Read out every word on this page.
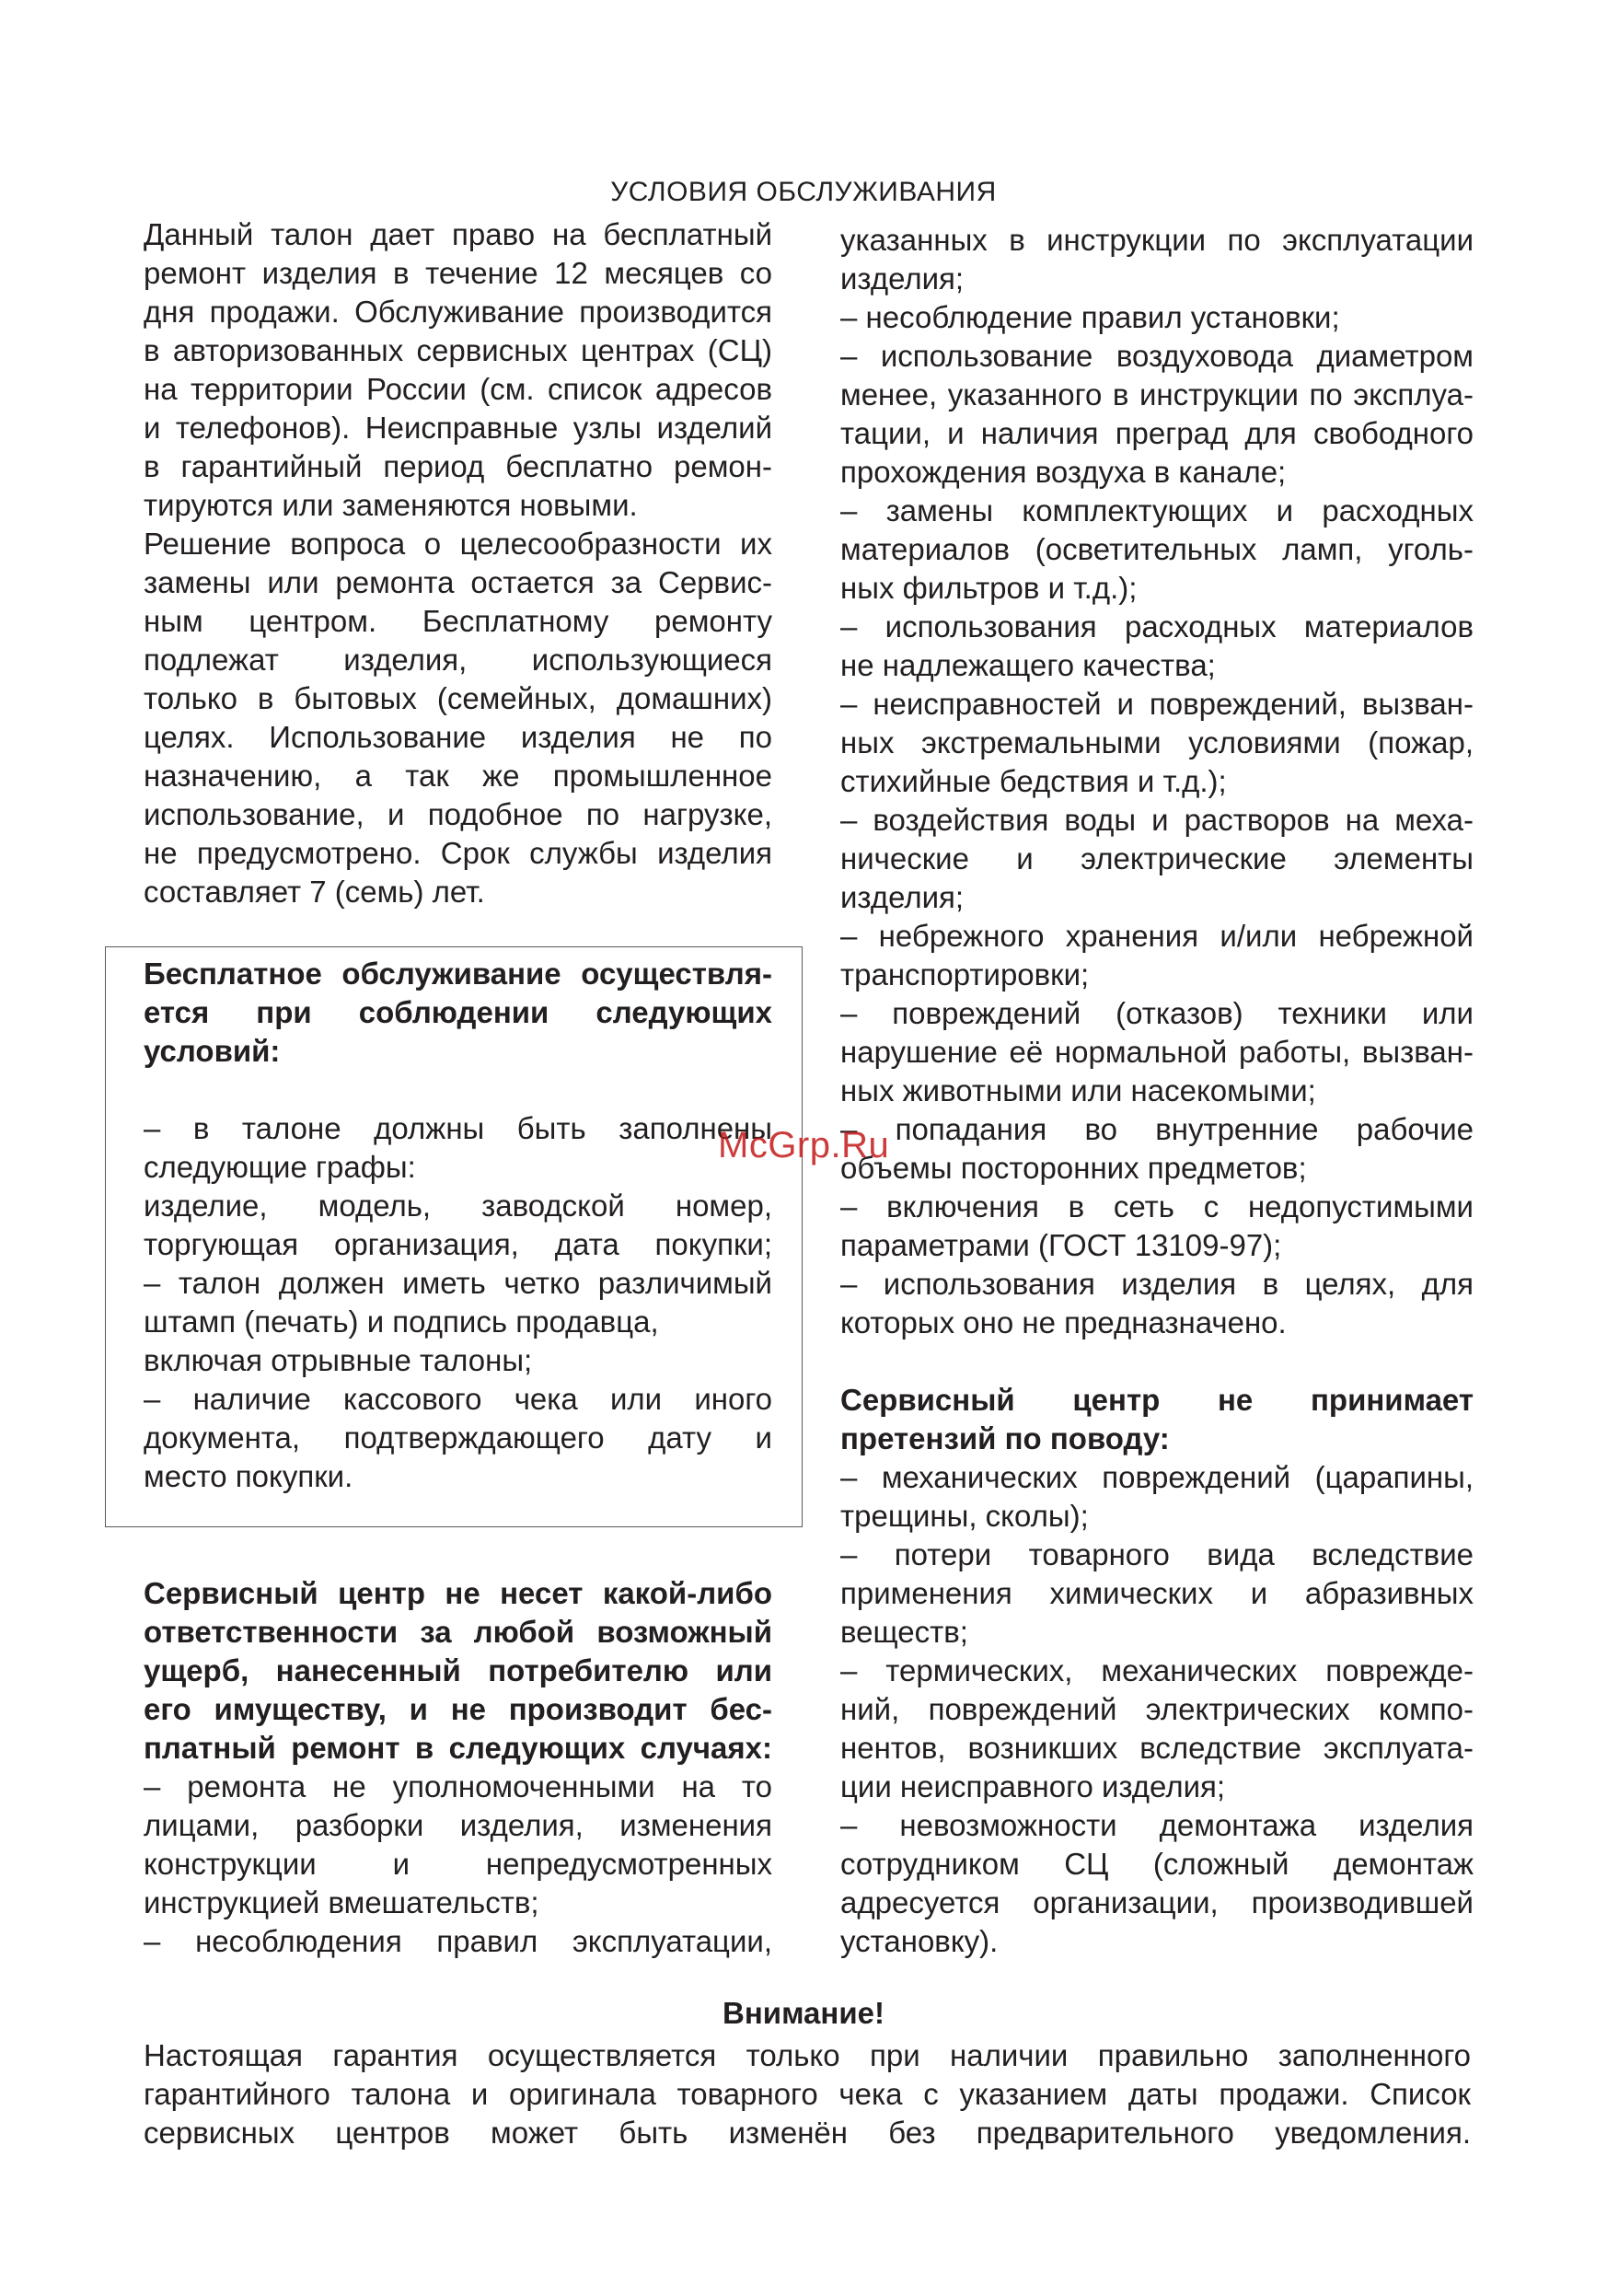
УСЛОВИЯ ОБСЛУЖИВАНИЯ
Данный талон дает право на бесплатный
ремонт изделия в течение 12 месяцев со
дня продажи. Обслуживание производится
в авторизованных сервисных центрах (СЦ)
на территории России (см. список адресов
и телефонов). Неисправные узлы изделий
в гарантийный период бесплатно ремон-
тируются или заменяются новыми.
Решение вопроса о целесообразности их
замены или ремонта остается за Сервис-
ным центром. Бесплатному ремонту
подлежат изделия, использующиеся
только в бытовых (семейных, домашних)
целях. Использование изделия не по
назначению, а так же промышленное
использование, и подобное по нагрузке,
не предусмотрено. Срок службы изделия
составляет 7 (семь) лет.
Бесплатное обслуживание осуществля-
ется при соблюдении следующих
условий:
– в талоне должны быть заполнены
следующие графы:
изделие, модель, заводской номер,
торгующая организация, дата покупки;
– талон должен иметь четко различимый
штамп (печать) и подпись продавца,
включая отрывные талоны;
– наличие кассового чека или иного
документа, подтверждающего дату и
место покупки.
Сервисный центр не несет какой-либо
ответственности за любой возможный
ущерб, нанесенный потребителю или
его имуществу, и не производит бес-
платный ремонт в следующих случаях:
– ремонта не уполномоченными на то
лицами, разборки изделия, изменения
конструкции и непредусмотренных
инструкцией вмешательств;
– несоблюдения правил эксплуатации,
указанных в инструкции по эксплуатации
изделия;
– несоблюдение правил установки;
– использование воздуховода диаметром
менее, указанного в инструкции по эксплуа-
тации, и наличия преград для свободного
прохождения воздуха в канале;
– замены комплектующих и расходных
материалов (осветительных ламп, уголь-
ных фильтров и т.д.);
– использования расходных материалов
не надлежащего качества;
– неисправностей и повреждений, вызван-
ных экстремальными условиями (пожар,
стихийные бедствия и т.д.);
– воздействия воды и растворов на меха-
нические и электрические элементы
изделия;
– небрежного хранения и/или небрежной
транспортировки;
– повреждений (отказов) техники или
нарушение её нормальной работы, вызван-
ных животными или насекомыми;
– попадания во внутренние рабочие
объемы посторонних предметов;
– включения в сеть с недопустимыми
параметрами (ГОСТ 13109-97);
– использования изделия в целях, для
которых оно не предназначено.
Сервисный центр не принимает
претензий по поводу:
– механических повреждений (царапины,
трещины, сколы);
– потери товарного вида вследствие
применения химических и абразивных
веществ;
– термических, механических поврежде-
ний, повреждений электрических компо-
нентов, возникших вследствие эксплуата-
ции неисправного изделия;
– невозможности демонтажа изделия
сотрудником СЦ (сложный демонтаж
адресуется организации, производившей
установку).
Внимание!
Настоящая гарантия осуществляется только при наличии правильно заполненного
гарантийного талона и оригинала товарного чека с указанием даты продажи. Список
сервисных центров может быть изменён без предварительного уведомления.
McGrp.Ru
